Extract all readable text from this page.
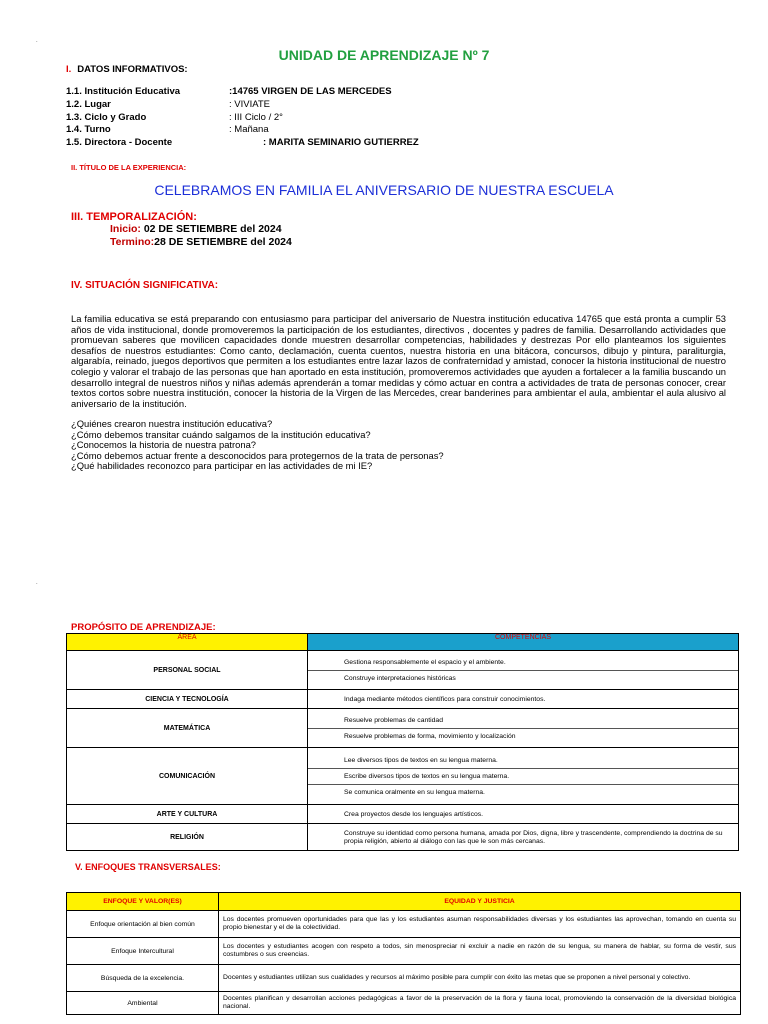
.
.
UNIDAD DE APRENDIZAJE Nº 7
I. DATOS INFORMATIVOS:
1.1. Institución Educativa	:14765 VIRGEN DE LAS MERCEDES
1.2. Lugar	: VIVIATE
1.3. Ciclo y Grado	: III Ciclo / 2°
1.4. Turno	: Mañana
1.5. Directora - Docente	: MARITA SEMINARIO GUTIERREZ
II. TÍTULO DE LA EXPERIENCIA:
CELEBRAMOS EN FAMILIA EL ANIVERSARIO DE NUESTRA ESCUELA
III. TEMPORALIZACIÓN:
Inicio: 02 DE SETIEMBRE del 2024
Termino:28 DE SETIEMBRE del 2024
IV. SITUACIÓN SIGNIFICATIVA:
La familia educativa se está preparando con entusiasmo para participar del aniversario de Nuestra institución educativa 14765 que está pronta a cumplir 53 años de vida institucional, donde promoveremos la participación de los estudiantes, directivos , docentes y padres de familia. Desarrollando actividades que promuevan saberes que movilicen capacidades donde muestren desarrollar competencias, habilidades y destrezas Por ello planteamos los siguientes desafíos de nuestros estudiantes: Como canto, declamación, cuenta cuentos, nuestra historia en una bitácora, concursos, dibujo y pintura, paraliturgia, algarabía, reinado, juegos deportivos que permiten a los estudiantes entre lazar lazos de confraternidad y amistad, conocer la historia institucional de nuestro colegio y valorar el trabajo de las personas que han aportado en esta institución, promoveremos actividades que ayuden a fortalecer a la familia buscando un desarrollo integral de nuestros niños y niñas además aprenderán a tomar medidas y cómo actuar en contra a actividades de trata de personas conocer, crear textos cortos sobre nuestra institución, conocer la historia de la Virgen de las Mercedes, crear banderines para ambientar el aula, ambientar el aula alusivo al aniversario de la institución.
¿Quiénes crearon nuestra institución educativa?
¿Cómo debemos transitar cuándo salgamos de la institución educativa?
¿Conocemos la historia de nuestra patrona?
¿Cómo debemos actuar frente a desconocidos para protegernos de la trata de personas?
¿Qué habilidades reconozco para participar en las actividades de mi IE?
PROPÓSITO DE APRENDIZAJE:
ÁREA	COMPETENCIAS
PERSONAL SOCIAL	Gestiona responsablemente el espacio y el ambiente.
Construye interpretaciones históricas

CIENCIA Y TECNOLOGÍA	Indaga mediante métodos científicos para construir conocimientos.

MATEMÁTICA	Resuelve problemas de cantidad
Resuelve problemas de forma, movimiento y localización

COMUNICACIÓN	Lee diversos tipos de textos en su lengua materna.
Escribe diversos tipos de textos en su lengua materna.
Se comunica oralmente en su lengua materna.

ARTE Y CULTURA	Crea proyectos desde los lenguajes artísticos.

RELIGIÓN	Construye su identidad como persona humana, amada por Dios, digna, libre y trascendente, comprendiendo la doctrina de su propia religión, abierto al diálogo con las que le son más cercanas.
V. ENFOQUES TRANSVERSALES:
ENFOQUE Y VALOR(ES)	EQUIDAD Y JUSTICIA
Enfoque orientación al bien común	Los docentes promueven oportunidades para que las y los estudiantes asuman responsabilidades diversas y los estudiantes las aprovechan, tomando en cuenta su propio bienestar y el de la colectividad.
Enfoque Intercultural	Los docentes y estudiantes acogen con respeto a todos, sin menospreciar ni excluir a nadie en razón de su lengua, su manera de hablar, su forma de vestir, sus costumbres o sus creencias.
Búsqueda de la excelencia.	Docentes y estudiantes utilizan sus cualidades y recursos al máximo posible para cumplir con éxito las metas que se proponen a nivel personal y colectivo.
Ambiental	Docentes planifican y desarrollan acciones pedagógicas a favor de la preservación de la flora y fauna local, promoviendo la conservación de la diversidad biológica nacional.
